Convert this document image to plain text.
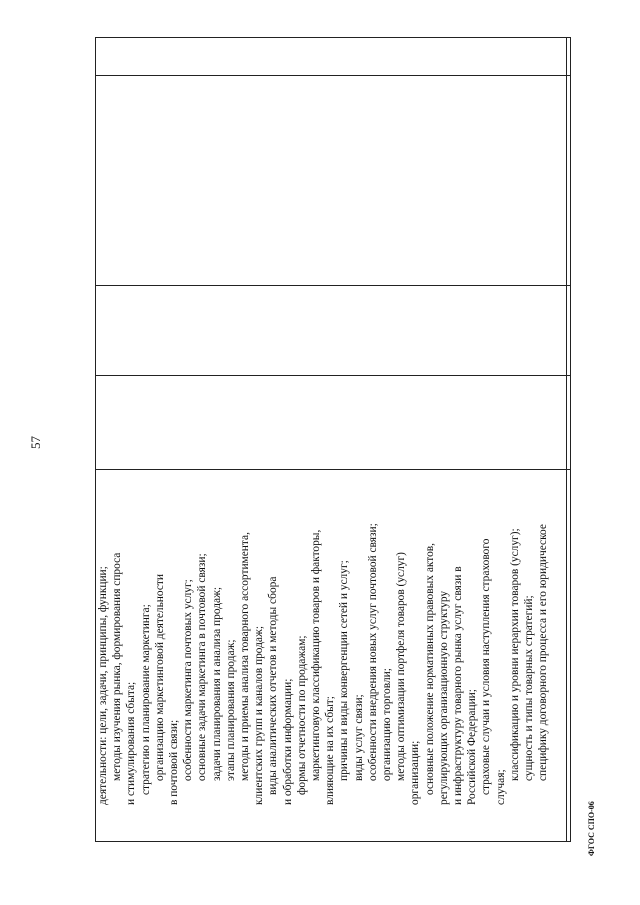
57
деятельности: цели, задачи, принципы, функции; методы изучения рынка, формирования спроса и стимулирования сбыта; стратегию и планирование маркетинга; организацию маркетинговой деятельности в почтовой связи; особенности маркетинга почтовых услуг; основные задачи маркетинга в почтовой связи; задачи планирования и анализа продаж; этапы планирования продаж; методы и приемы анализа товарного ассортимента, клиентских групп и каналов продаж; виды аналитических отчетов и методы сбора и обработки информации; формы отчетности по продажам; маркетинговую классификацию товаров и факторы, влияющие на их сбыт; причины и виды конвергенции сетей и услуг; виды услуг связи; особенности внедрения новых услуг почтовой связи; организацию торговли; методы оптимизации портфеля товаров (услуг) организации; основные положение нормативных правовых актов, регулирующих организационную структуру и инфраструктуру товарного рынка услуг связи в Российской Федерации; страховые случаи и условия наступления страхового случая;
классификацию и уровни иерархии товаров (услуг); сущность и типы товарных стратегий; специфику договорного процесса и его юридическое
ФГОС СПО-06
